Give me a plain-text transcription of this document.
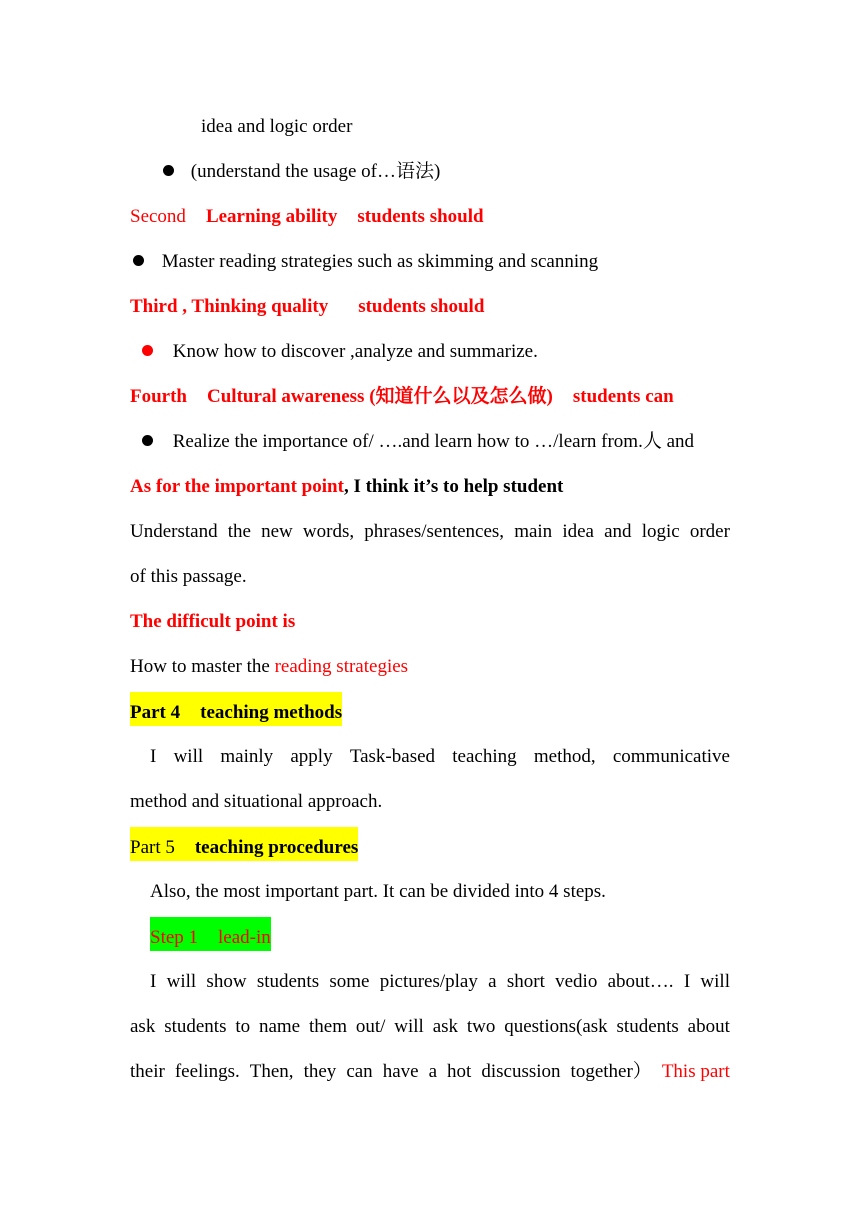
idea and logic order
(understand the usage of…语法)
Second Learning ability students should
Master reading strategies such as skimming and scanning
Third , Thinking quality students should
Know how to discover ,analyze and summarize.
Fourth Cultural awareness (知道什么以及怎么做) students can
Realize the importance of/ ….and learn how to …/learn from.人 and
As for the important point, I think it’s to help student
Understand the new words, phrases/sentences, main idea and logic order
of this passage.
The difficult point is
How to master the reading strategies
Part 4 teaching methods
I will mainly apply Task-based teaching method, communicative
method and situational approach.
Part 5 teaching procedures
Also, the most important part. It can be divided into 4 steps.
Step 1 lead-in
I will show students some pictures/play a short vedio about…. I will
ask students to name them out/ will ask two questions(ask students about
their feelings. Then, they can have a hot discussion together） This part
